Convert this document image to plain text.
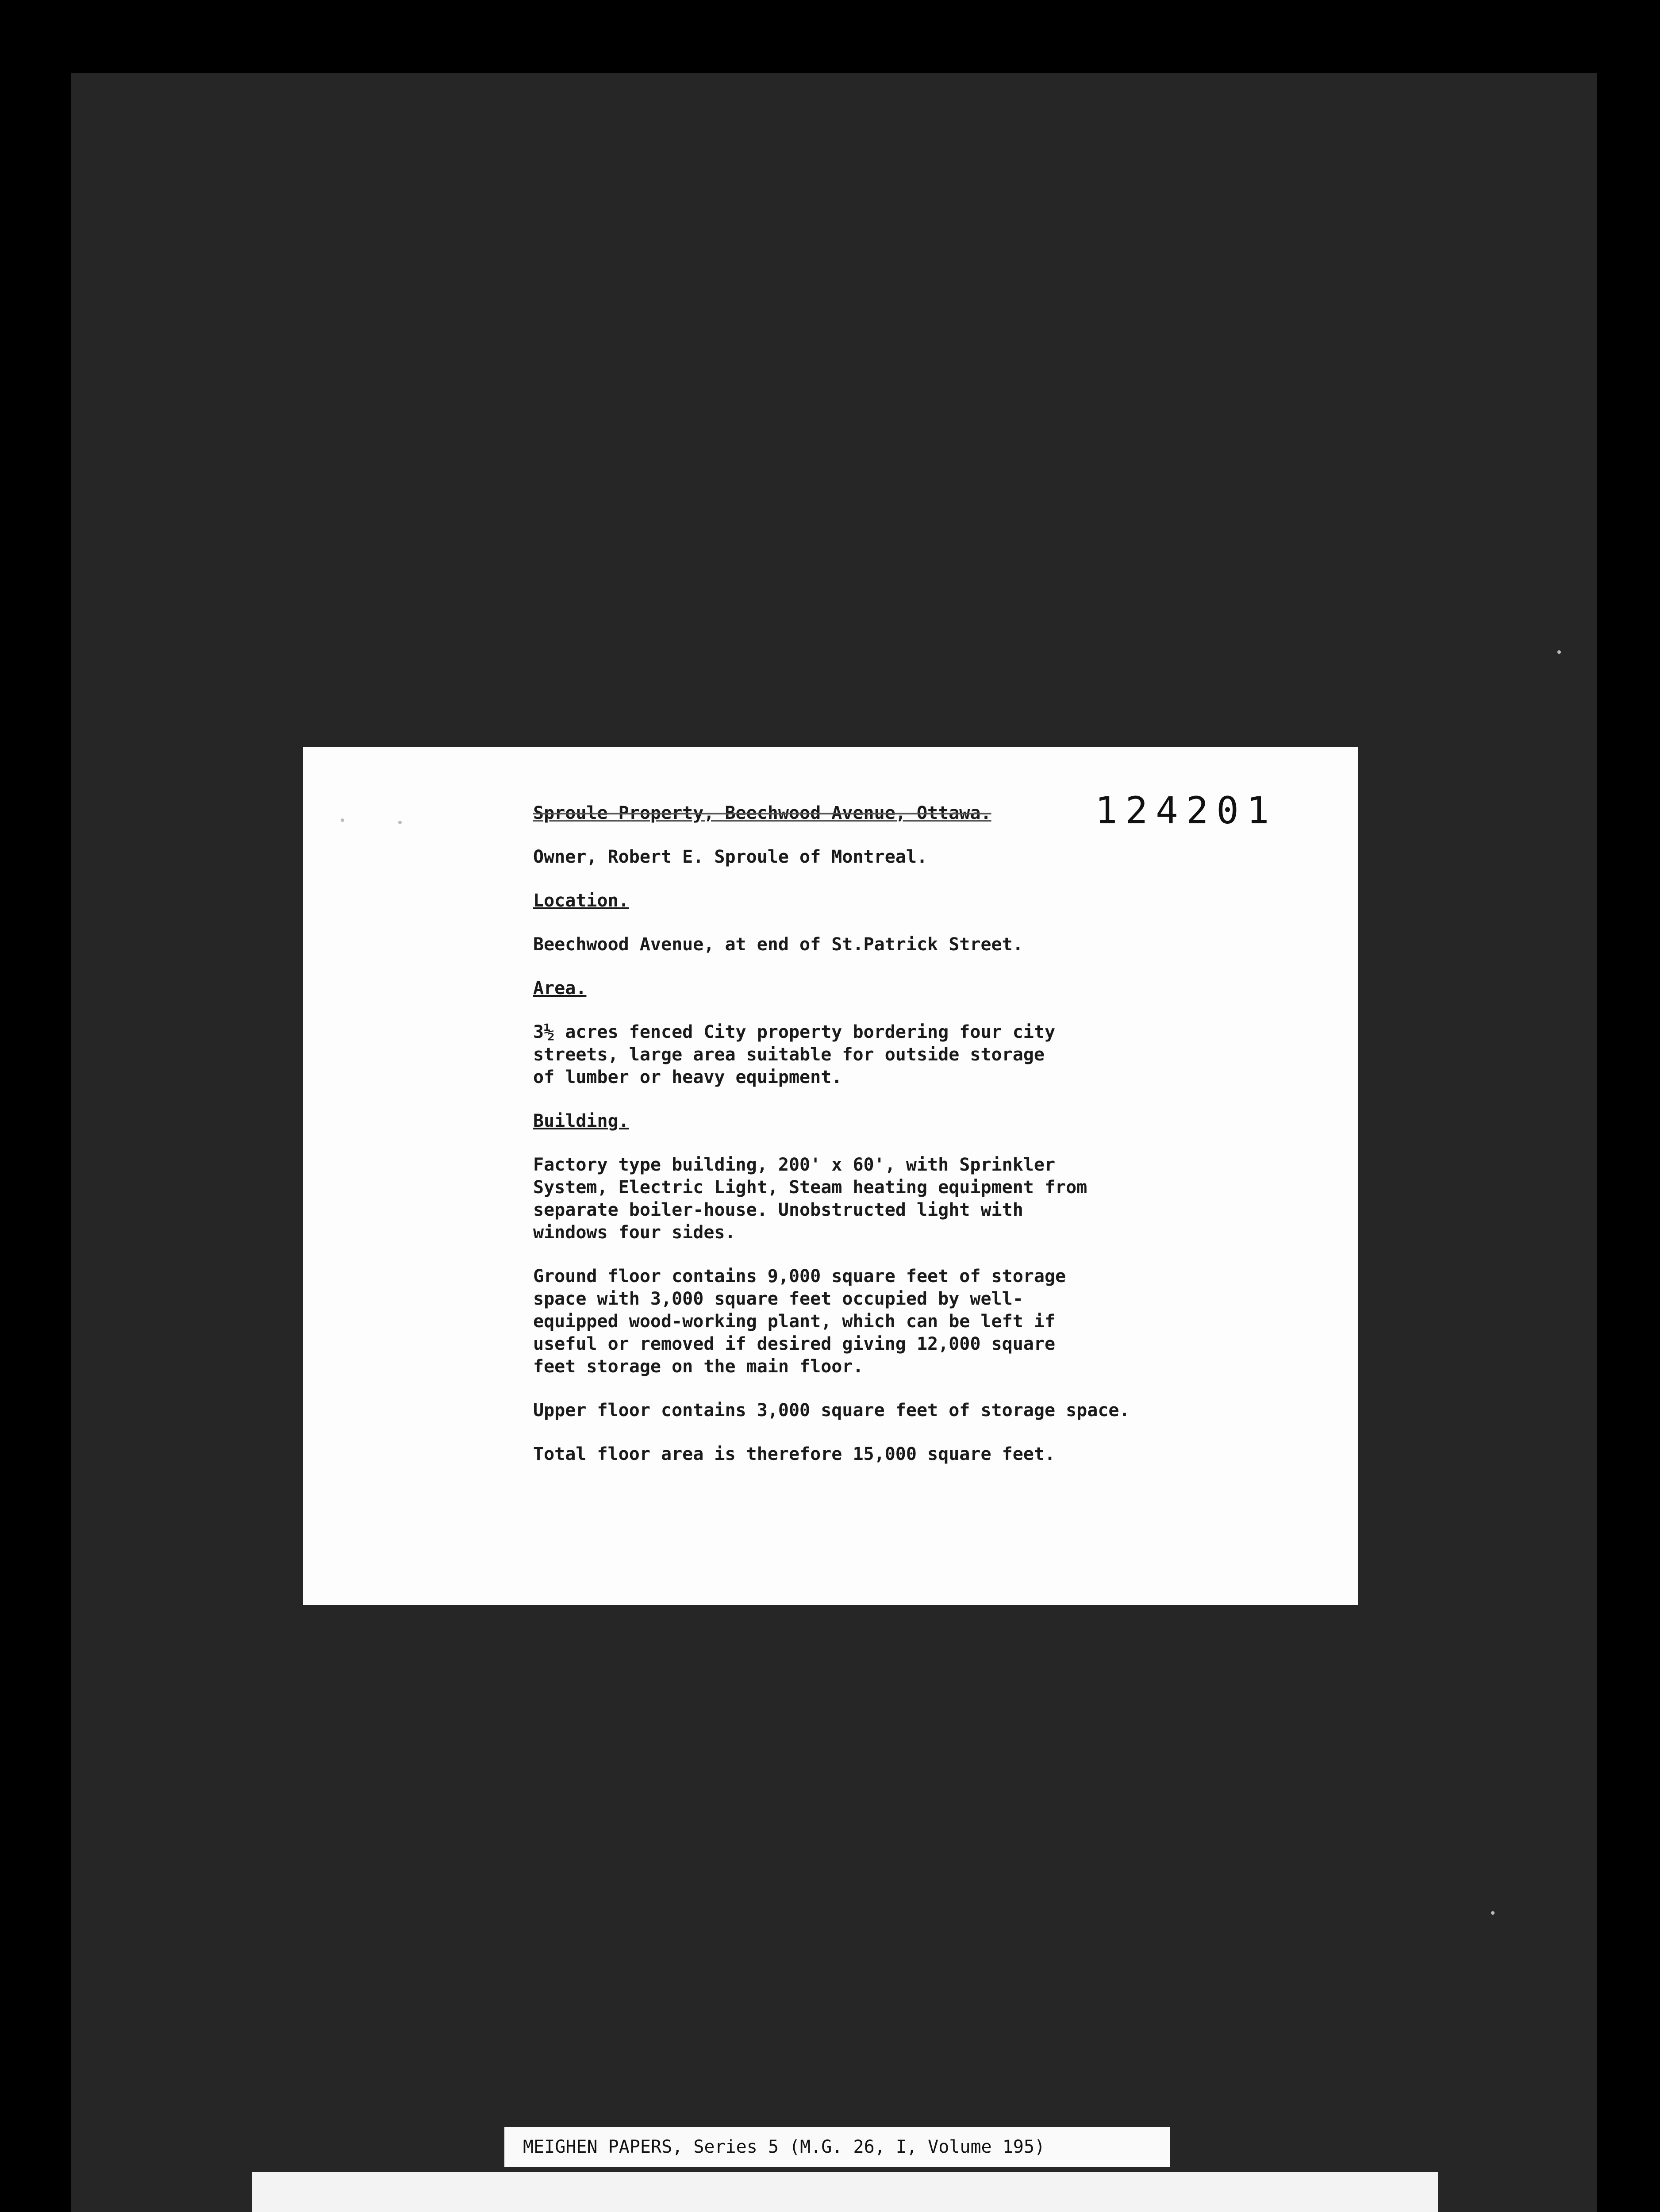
124201

Sproule Property, Beechwood Avenue, Ottawa.

Owner, Robert E. Sproule of Montreal.

Location.

Beechwood Avenue, at end of St.Patrick Street.

Area.

3½ acres fenced City property bordering four city
streets, large area suitable for outside storage
of lumber or heavy equipment.

Building.

Factory type building, 200' x 60', with Sprinkler
System, Electric Light, Steam heating equipment from
separate boiler-house. Unobstructed light with
windows four sides.

Ground floor contains 9,000 square feet of storage
space with 3,000 square feet occupied by well-
equipped wood-working plant, which can be left if
useful or removed if desired giving 12,000 square
feet storage on the main floor.

Upper floor contains 3,000 square feet of storage space.

Total floor area is therefore 15,000 square feet.

MEIGHEN PAPERS, Series 5 (M.G. 26, I, Volume 195)
